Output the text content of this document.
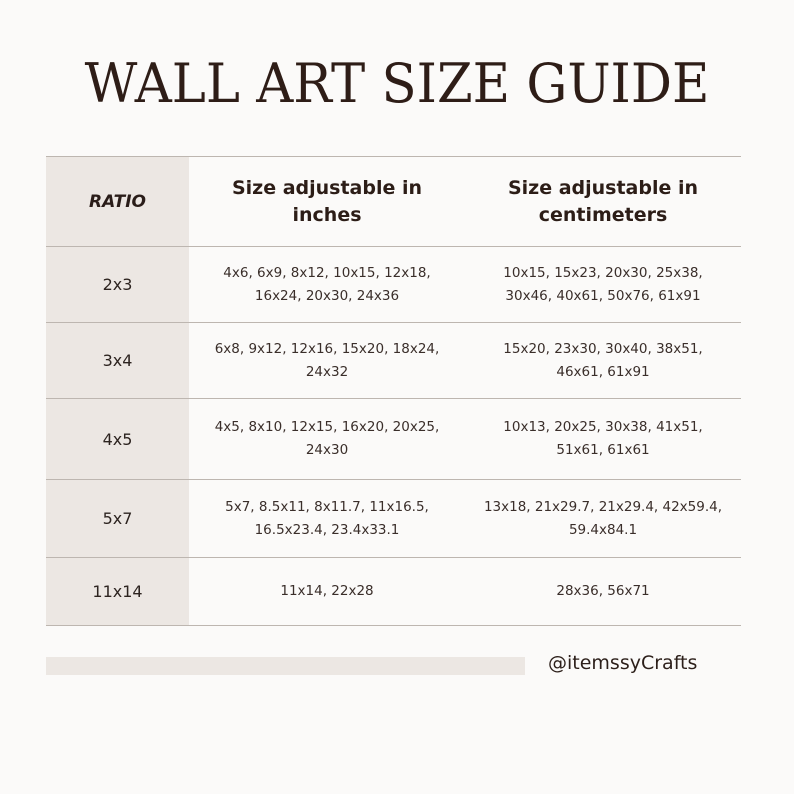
WALL ART SIZE GUIDE
RATIO
Size adjustable in inches
Size adjustable in centimeters
2x3
4x6, 6x9, 8x12, 10x15, 12x18, 16x24, 20x30, 24x36
10x15, 15x23, 20x30, 25x38, 30x46, 40x61, 50x76, 61x91
3x4
6x8, 9x12, 12x16, 15x20, 18x24, 24x32
15x20, 23x30, 30x40, 38x51, 46x61, 61x91
4x5
4x5, 8x10, 12x15, 16x20, 20x25, 24x30
10x13, 20x25, 30x38, 41x51, 51x61, 61x61
5x7
5x7, 8.5x11, 8x11.7, 11x16.5, 16.5x23.4, 23.4x33.1
13x18, 21x29.7, 21x29.4, 42x59.4, 59.4x84.1
11x14	11x14, 22x28	28x36, 56x71
@itemssyCrafts
